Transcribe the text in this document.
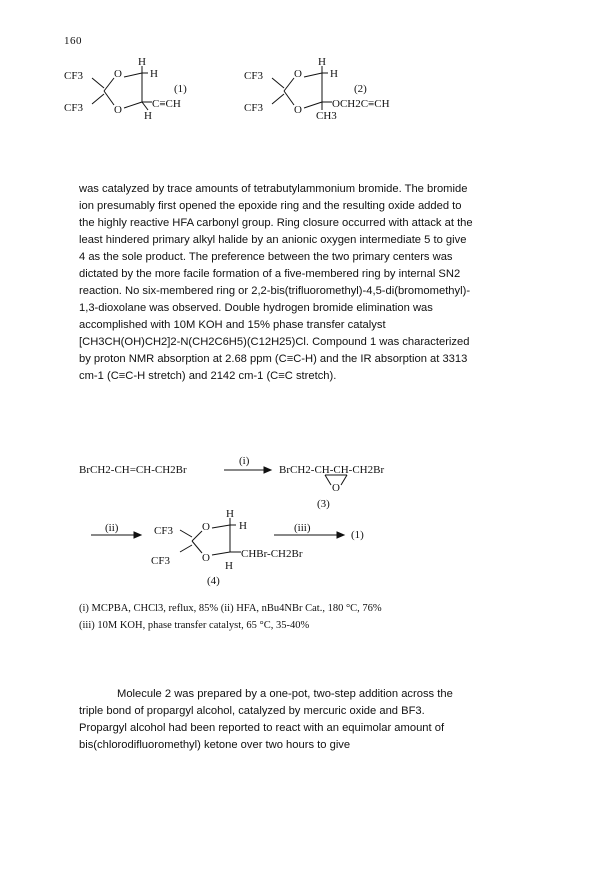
160
CF3
CF3
O
O
H
H
H
C≡CH
(1)
CF3
CF3
O
O
H
H
OCH2C≡CH
CH3
(2)
was catalyzed by trace amounts of tetrabutylammonium bromide. The bromide
ion presumably first opened the epoxide ring and the resulting oxide added to
the highly reactive HFA carbonyl group. Ring closure occurred with attack at the
least hindered primary alkyl halide by an anionic oxygen intermediate 5 to give
4 as the sole product. The preference between the two primary centers was
dictated by the more facile formation of a five-membered ring by internal SN2
reaction. No six-membered ring or 2,2-bis(trifluoromethyl)-4,5-di(bromomethyl)-
1,3-dioxolane was observed. Double hydrogen bromide elimination was
accomplished with 10M KOH and 15% phase transfer catalyst
[CH3CH(OH)CH2]2-N(CH2C6H5)(C12H25)Cl. Compound 1 was characterized
by proton NMR absorption at 2.68 ppm (C≡C-H) and the IR absorption at 3313
cm-1 (C≡C-H stretch) and 2142 cm-1 (C≡C stretch).
BrCH2-CH=CH-CH2Br
(i)
BrCH2-CH-CH-CH2Br
O
(3)
(ii)	CF3
CF3
O
O
H
H
H
CHBr-CH2Br
(4)
(iii)
(1)
(i) MCPBA, CHCl3, reflux, 85% (ii) HFA, nBu4NBr Cat., 180 °C, 76%
(iii) 10M KOH, phase transfer catalyst, 65 °C, 35-40%
Molecule 2 was prepared by a one-pot, two-step addition across the
triple bond of propargyl alcohol, catalyzed by mercuric oxide and BF3.
Propargyl alcohol had been reported to react with an equimolar amount of
bis(chlorodifluoromethyl) ketone over two hours to give
